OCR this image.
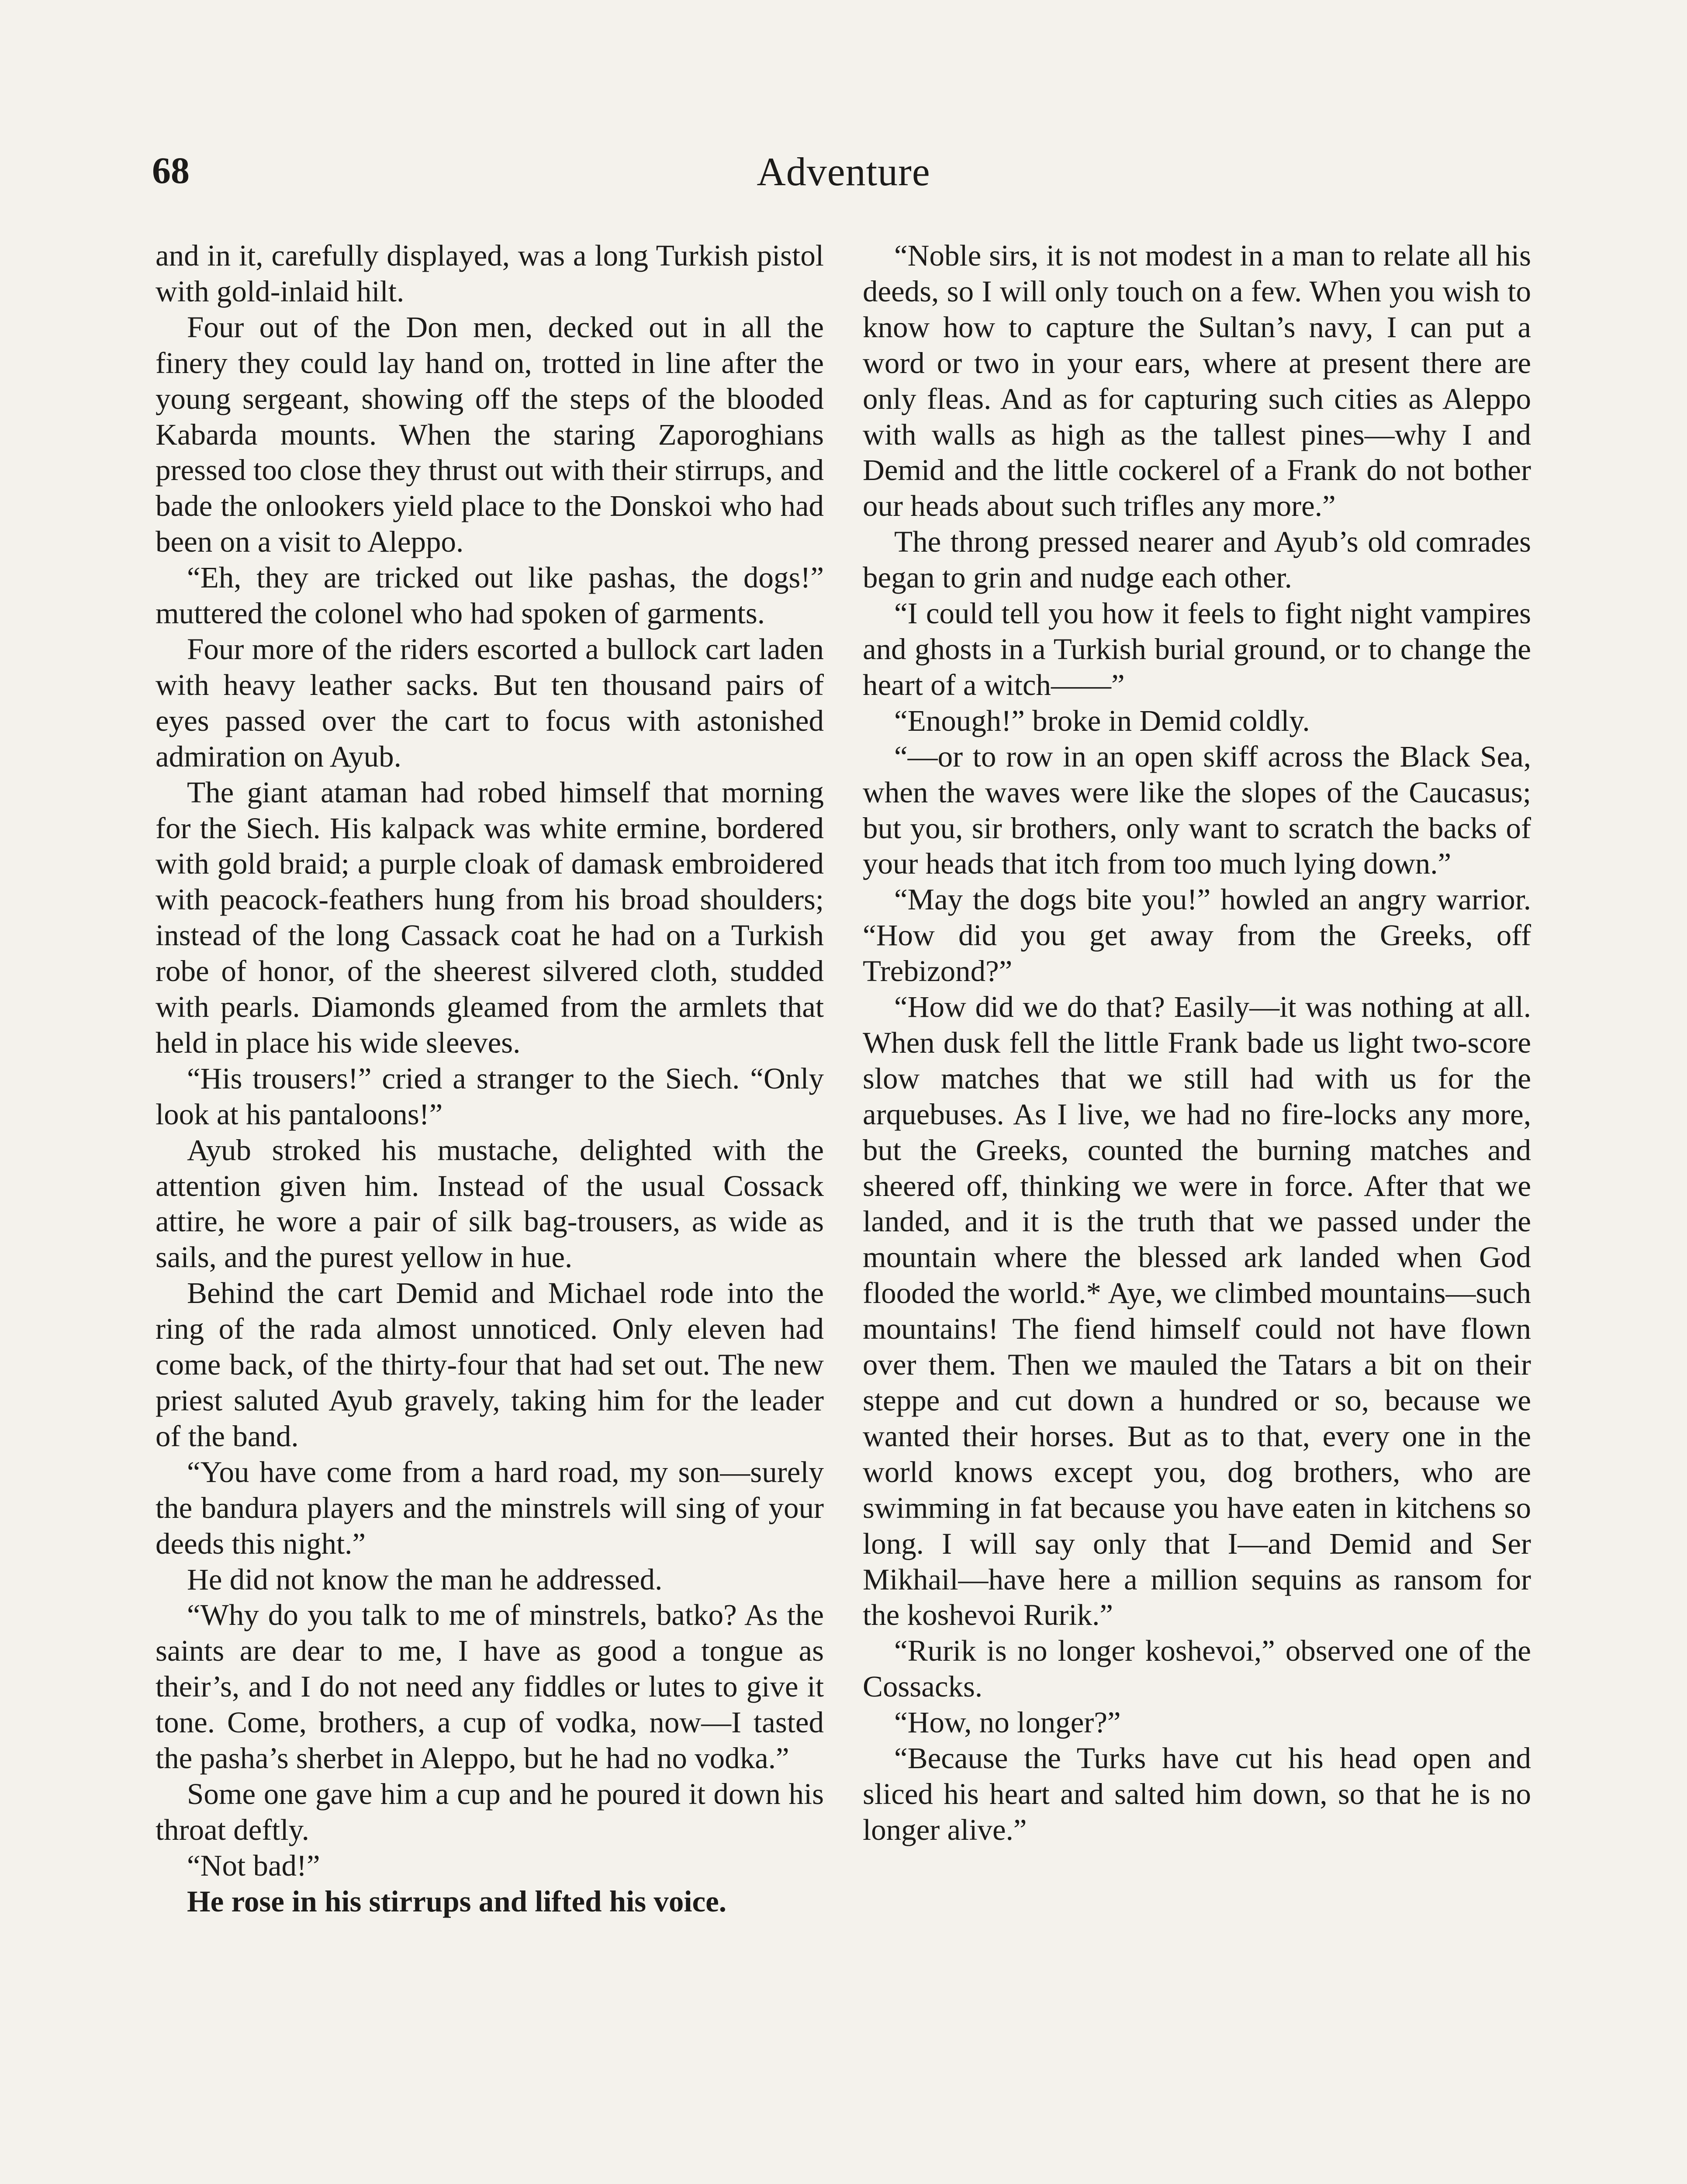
68	Adventure

and in it, carefully displayed, was a long Turkish pistol with gold-inlaid hilt.

Four out of the Don men, decked out in all the finery they could lay hand on, trotted in line after the young sergeant, showing off the steps of the blooded Kabarda mounts. When the staring Zaporoghians pressed too close they thrust out with their stirrups, and bade the onlookers yield place to the Donskoi who had been on a visit to Aleppo.

“Eh, they are tricked out like pashas, the dogs!” muttered the colonel who had spoken of garments.

Four more of the riders escorted a bullock cart laden with heavy leather sacks. But ten thousand pairs of eyes passed over the cart to focus with astonished admiration on Ayub.

The giant ataman had robed himself that morning for the Siech. His kalpack was white ermine, bordered with gold braid; a purple cloak of damask embroidered with peacock-feathers hung from his broad shoulders; instead of the long Cassack coat he had on a Turkish robe of honor, of the sheerest silvered cloth, studded with pearls. Diamonds gleamed from the armlets that held in place his wide sleeves.

“His trousers!” cried a stranger to the Siech. “Only look at his pantaloons!”

Ayub stroked his mustache, delighted with the attention given him. Instead of the usual Cossack attire, he wore a pair of silk bag-trousers, as wide as sails, and the purest yellow in hue.

Behind the cart Demid and Michael rode into the ring of the rada almost unnoticed. Only eleven had come back, of the thirty-four that had set out. The new priest saluted Ayub gravely, taking him for the leader of the band.

“You have come from a hard road, my son—surely the bandura players and the minstrels will sing of your deeds this night.”

He did not know the man he addressed.

“Why do you talk to me of minstrels, batko? As the saints are dear to me, I have as good a tongue as their’s, and I do not need any fiddles or lutes to give it tone. Come, brothers, a cup of vodka, now—I tasted the pasha’s sherbet in Aleppo, but he had no vodka.”

Some one gave him a cup and he poured it down his throat deftly.

“Not bad!”

He rose in his stirrups and lifted his voice.

“Noble sirs, it is not modest in a man to relate all his deeds, so I will only touch on a few. When you wish to know how to capture the Sultan’s navy, I can put a word or two in your ears, where at present there are only fleas. And as for capturing such cities as Aleppo with walls as high as the tallest pines—why I and Demid and the little cockerel of a Frank do not bother our heads about such trifles any more.”

The throng pressed nearer and Ayub’s old comrades began to grin and nudge each other.

“I could tell you how it feels to fight night vampires and ghosts in a Turkish burial ground, or to change the heart of a witch——”

“Enough!” broke in Demid coldly.

“—or to row in an open skiff across the Black Sea, when the waves were like the slopes of the Caucasus; but you, sir brothers, only want to scratch the backs of your heads that itch from too much lying down.”

“May the dogs bite you!” howled an angry warrior. “How did you get away from the Greeks, off Trebizond?”

“How did we do that? Easily—it was nothing at all. When dusk fell the little Frank bade us light two-score slow matches that we still had with us for the arquebuses. As I live, we had no fire-locks any more, but the Greeks, counted the burning matches and sheered off, thinking we were in force. After that we landed, and it is the truth that we passed under the mountain where the blessed ark landed when God flooded the world.* Aye, we climbed mountains—such mountains! The fiend himself could not have flown over them. Then we mauled the Tatars a bit on their steppe and cut down a hundred or so, because we wanted their horses. But as to that, every one in the world knows except you, dog brothers, who are swimming in fat because you have eaten in kitchens so long. I will say only that I—and Demid and Ser Mikhail—have here a million sequins as ransom for the koshevoi Rurik.”

“Rurik is no longer koshevoi,” observed one of the Cossacks.

“How, no longer?”

“Because the Turks have cut his head open and sliced his heart and salted him down, so that he is no longer alive.”
